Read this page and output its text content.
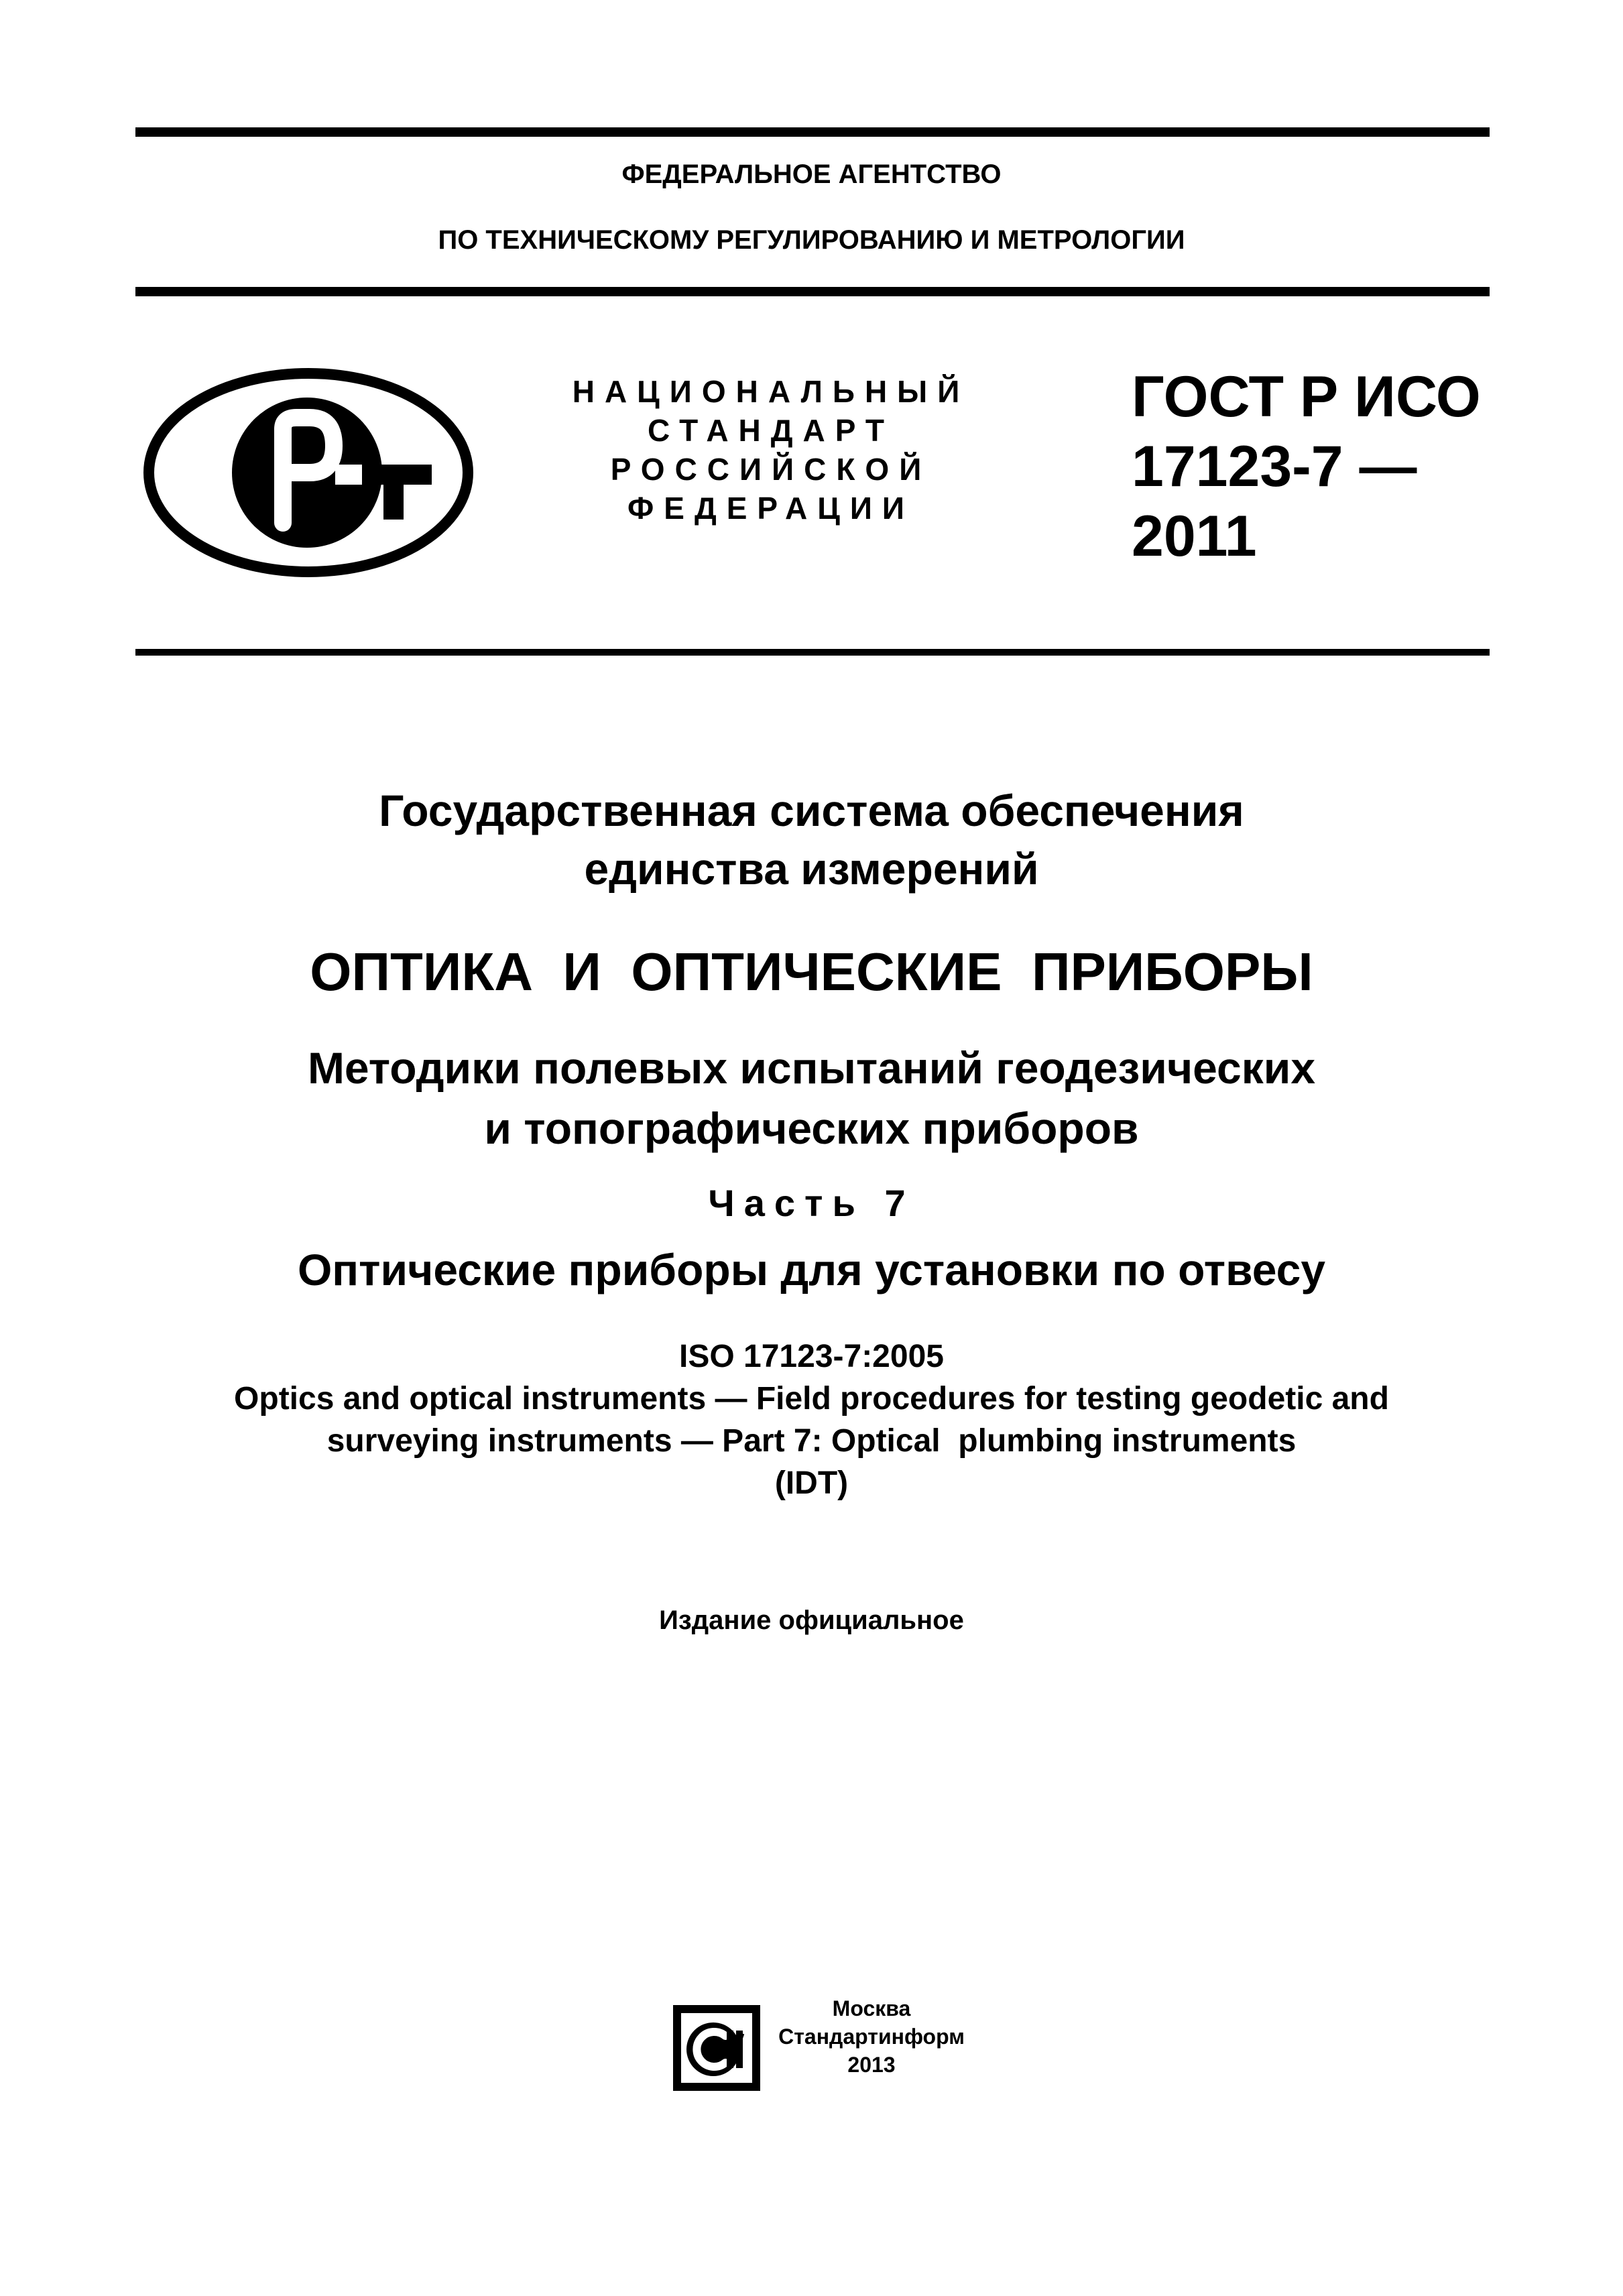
ФЕДЕРАЛЬНОЕ АГЕНТСТВО
ПО ТЕХНИЧЕСКОМУ РЕГУЛИРОВАНИЮ И МЕТРОЛОГИИ
НАЦИОНАЛЬНЫЙ
СТАНДАРТ
РОССИЙСКОЙ
ФЕДЕРАЦИИ
ГОСТ Р ИСО
17123-7 —
2011
Государственная система обеспечения
единства измерений
ОПТИКА  И  ОПТИЧЕСКИЕ  ПРИБОРЫ
Методики полевых испытаний геодезических
и топографических приборов
Часть 7
Оптические приборы для установки по отвесу
ISO 17123-7:2005
Optics and optical instruments — Field procedures for testing geodetic and
surveying instruments — Part 7: Optical  plumbing instruments
(IDT)
Издание официальное
Москва
Стандартинформ
2013
